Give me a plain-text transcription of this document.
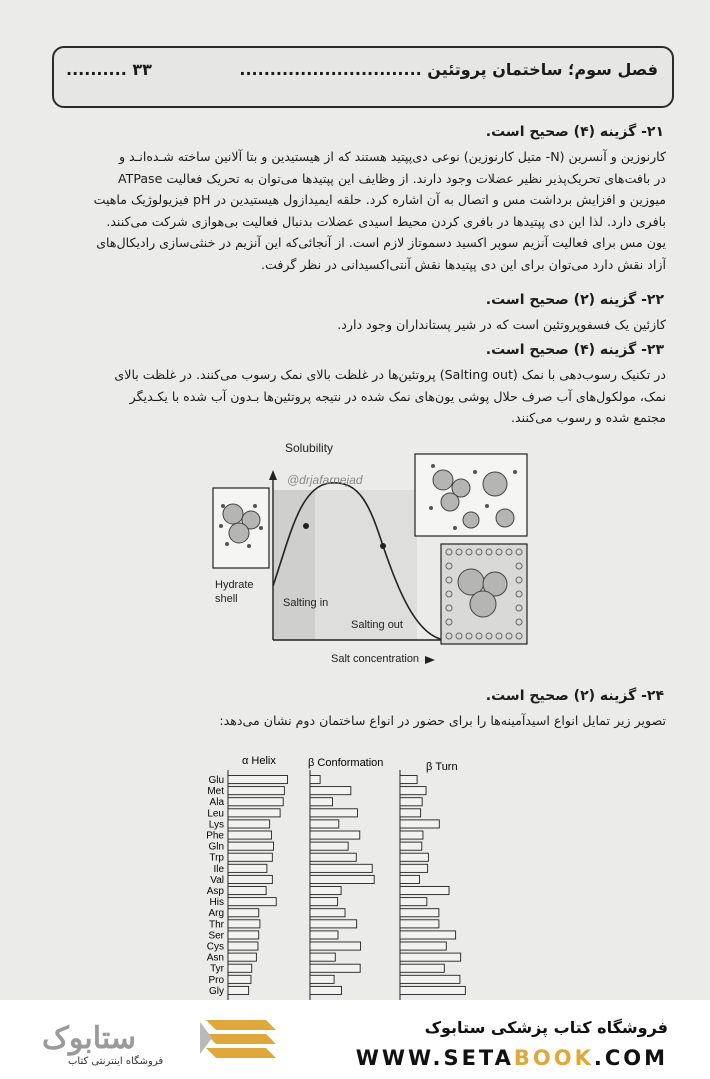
فصل سوم؛ ساختمان پروتئین ..............................
۳۳ ..........
۲۱- گزینه (۴) صحیح است.
کارنوزین و آنسرین (N- متیل کارنوزین) نوعی دی‌پپتید هستند که از هیستیدین و بتا آلانین ساخته شـده‌انـد و
در بافت‌های تحریک‌پذیر نظیر عضلات وجود دارند. از وظایف این پپتیدها می‌توان به تحریک فعالیت ATPase
میوزین و افزایش برداشت مس و اتصال به آن اشاره کرد. حلقه ایمیدازول هیستیدین در pH فیزیولوژیک ماهیت
بافری دارد. لذا این دی پپتیدها در بافری کردن محیط اسیدی عضلات بدنبال فعالیت بی‌هوازی شرکت می‌کنند.
یون مس برای فعالیت آنزیم سوپر اکسید دسموتاز لازم است. از آنجائی‌که این آنزیم در خنثی‌سازی رادیکال‌های
آزاد نقش دارد می‌توان برای این دی پپتیدها نقش آنتی‌اکسیدانی در نظر گرفت.
۲۲- گزینه (۲) صحیح است.
کازئین یک فسفوپروتئین است که در شیر پستانداران وجود دارد.
۲۳- گزینه (۴) صحیح است.
در تکنیک رسوب‌دهی با نمک (Salting out) پروتئین‌ها در غلظت بالای نمک رسوب می‌کنند. در غلظت بالای
نمک، مولکول‌های آب صرف حلال پوشی یون‌های نمک شده در نتیجه پروتئین‌ها بـدون آب شده با یکـدیگر
مجتمع شده و رسوب می‌کنند.
Solubility
@drjafarnejad
Hydrate
shell	Salting in
Salting out
Salt concentration
۲۴- گزینه (۲) صحیح است.
تصویر زیر تمایل انواع اسیدآمینه‌ها را برای حضور در انواع ساختمان دوم نشان می‌دهد:
α Helix	β Conformation	β Turn
Glu
Met
Ala
Leu
Lys
Phe
Gln
Trp
Ile
Val
Asp
His
Arg
Thr
Ser
Cys
Asn
Tyr
Pro
Gly
ستابوک
فروشگاه اینترنتی کتاب
فروشگاه کتاب پزشکی ستابوک
WWW.SETABOOK.COM
